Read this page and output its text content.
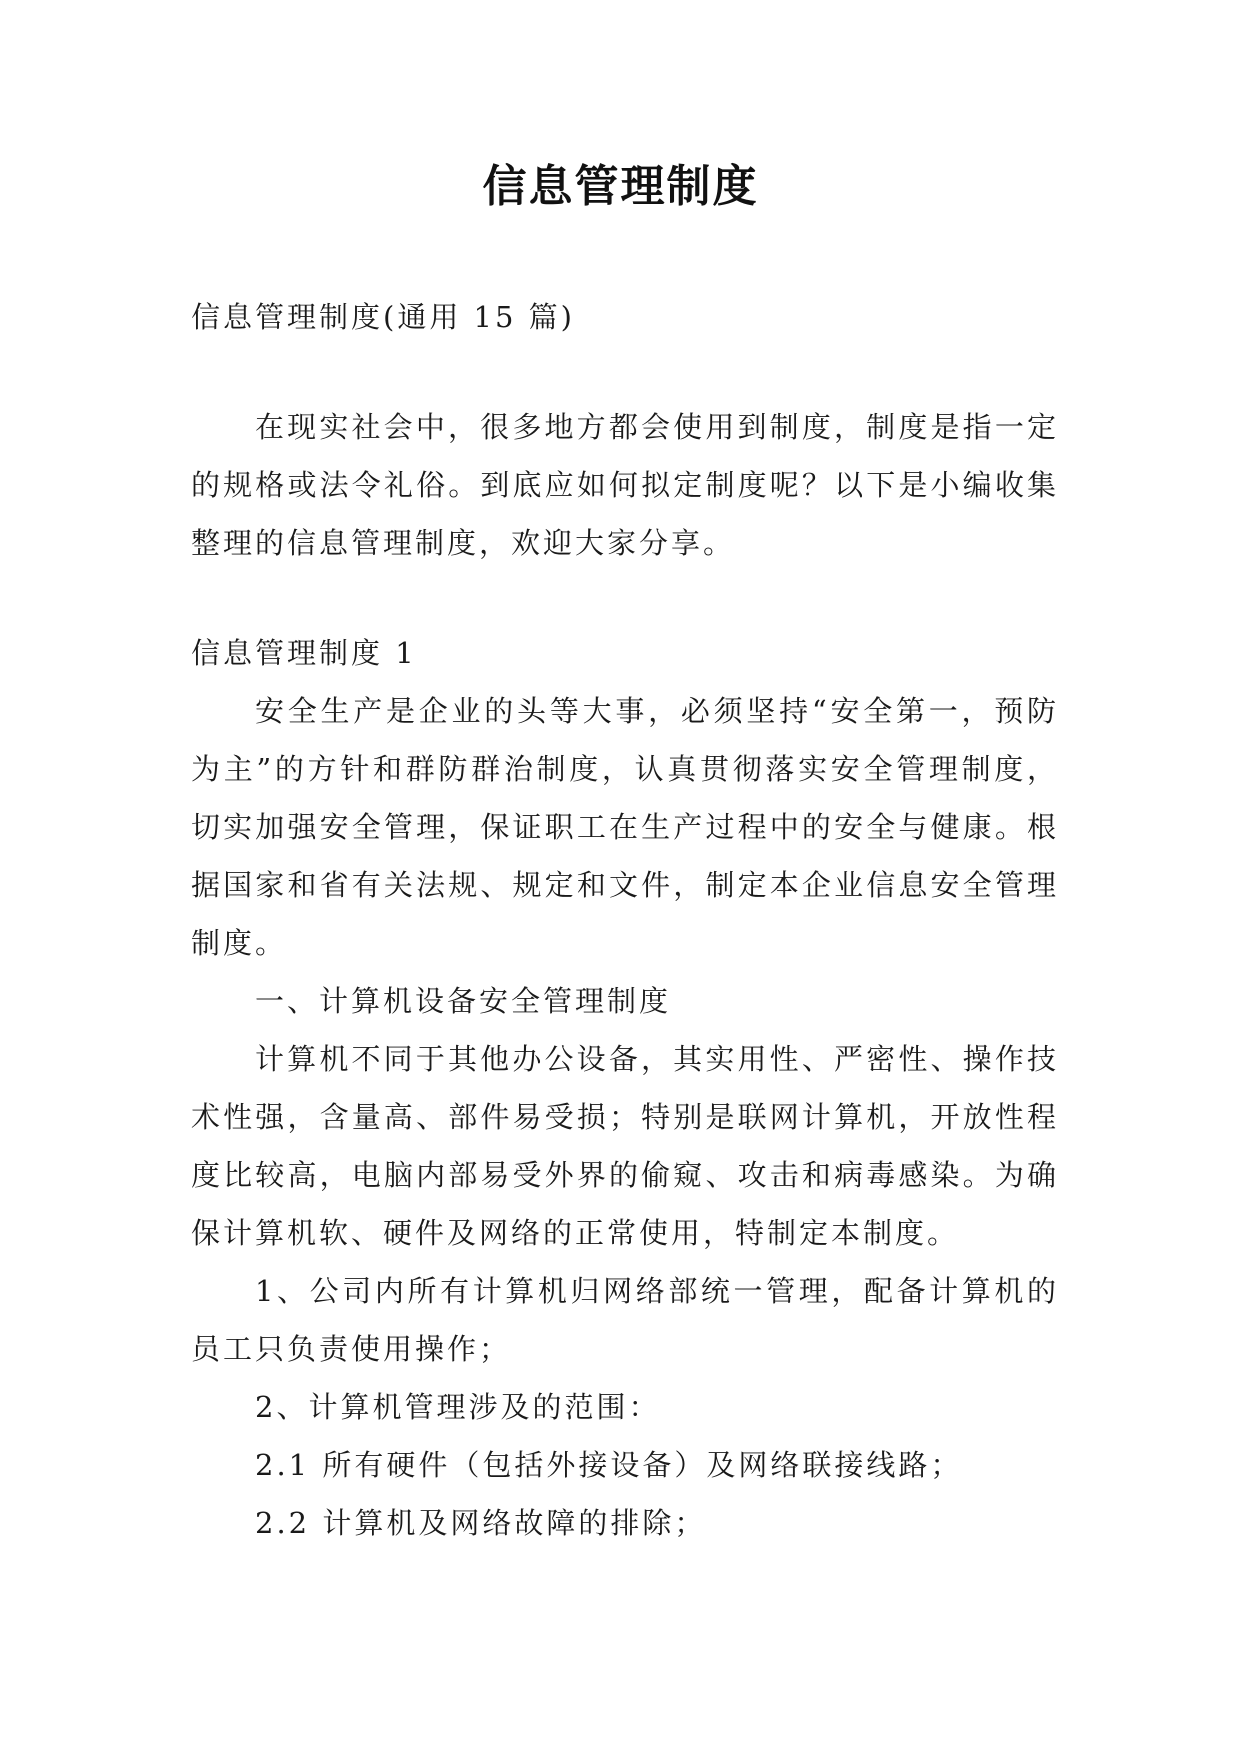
信息管理制度

信息管理制度(通用 15 篇)

在现实社会中，很多地方都会使用到制度，制度是指一定的规格或法令礼俗。到底应如何拟定制度呢？以下是小编收集整理的信息管理制度，欢迎大家分享。

信息管理制度 1

安全生产是企业的头等大事，必须坚持“安全第一，预防为主”的方针和群防群治制度，认真贯彻落实安全管理制度，切实加强安全管理，保证职工在生产过程中的安全与健康。根据国家和省有关法规、规定和文件，制定本企业信息安全管理制度。

一、计算机设备安全管理制度

计算机不同于其他办公设备，其实用性、严密性、操作技术性强，含量高、部件易受损；特别是联网计算机，开放性程度比较高，电脑内部易受外界的偷窥、攻击和病毒感染。为确保计算机软、硬件及网络的正常使用，特制定本制度。

1、公司内所有计算机归网络部统一管理，配备计算机的员工只负责使用操作；

2、计算机管理涉及的范围：

2.1 所有硬件（包括外接设备）及网络联接线路；

2.2 计算机及网络故障的排除；
